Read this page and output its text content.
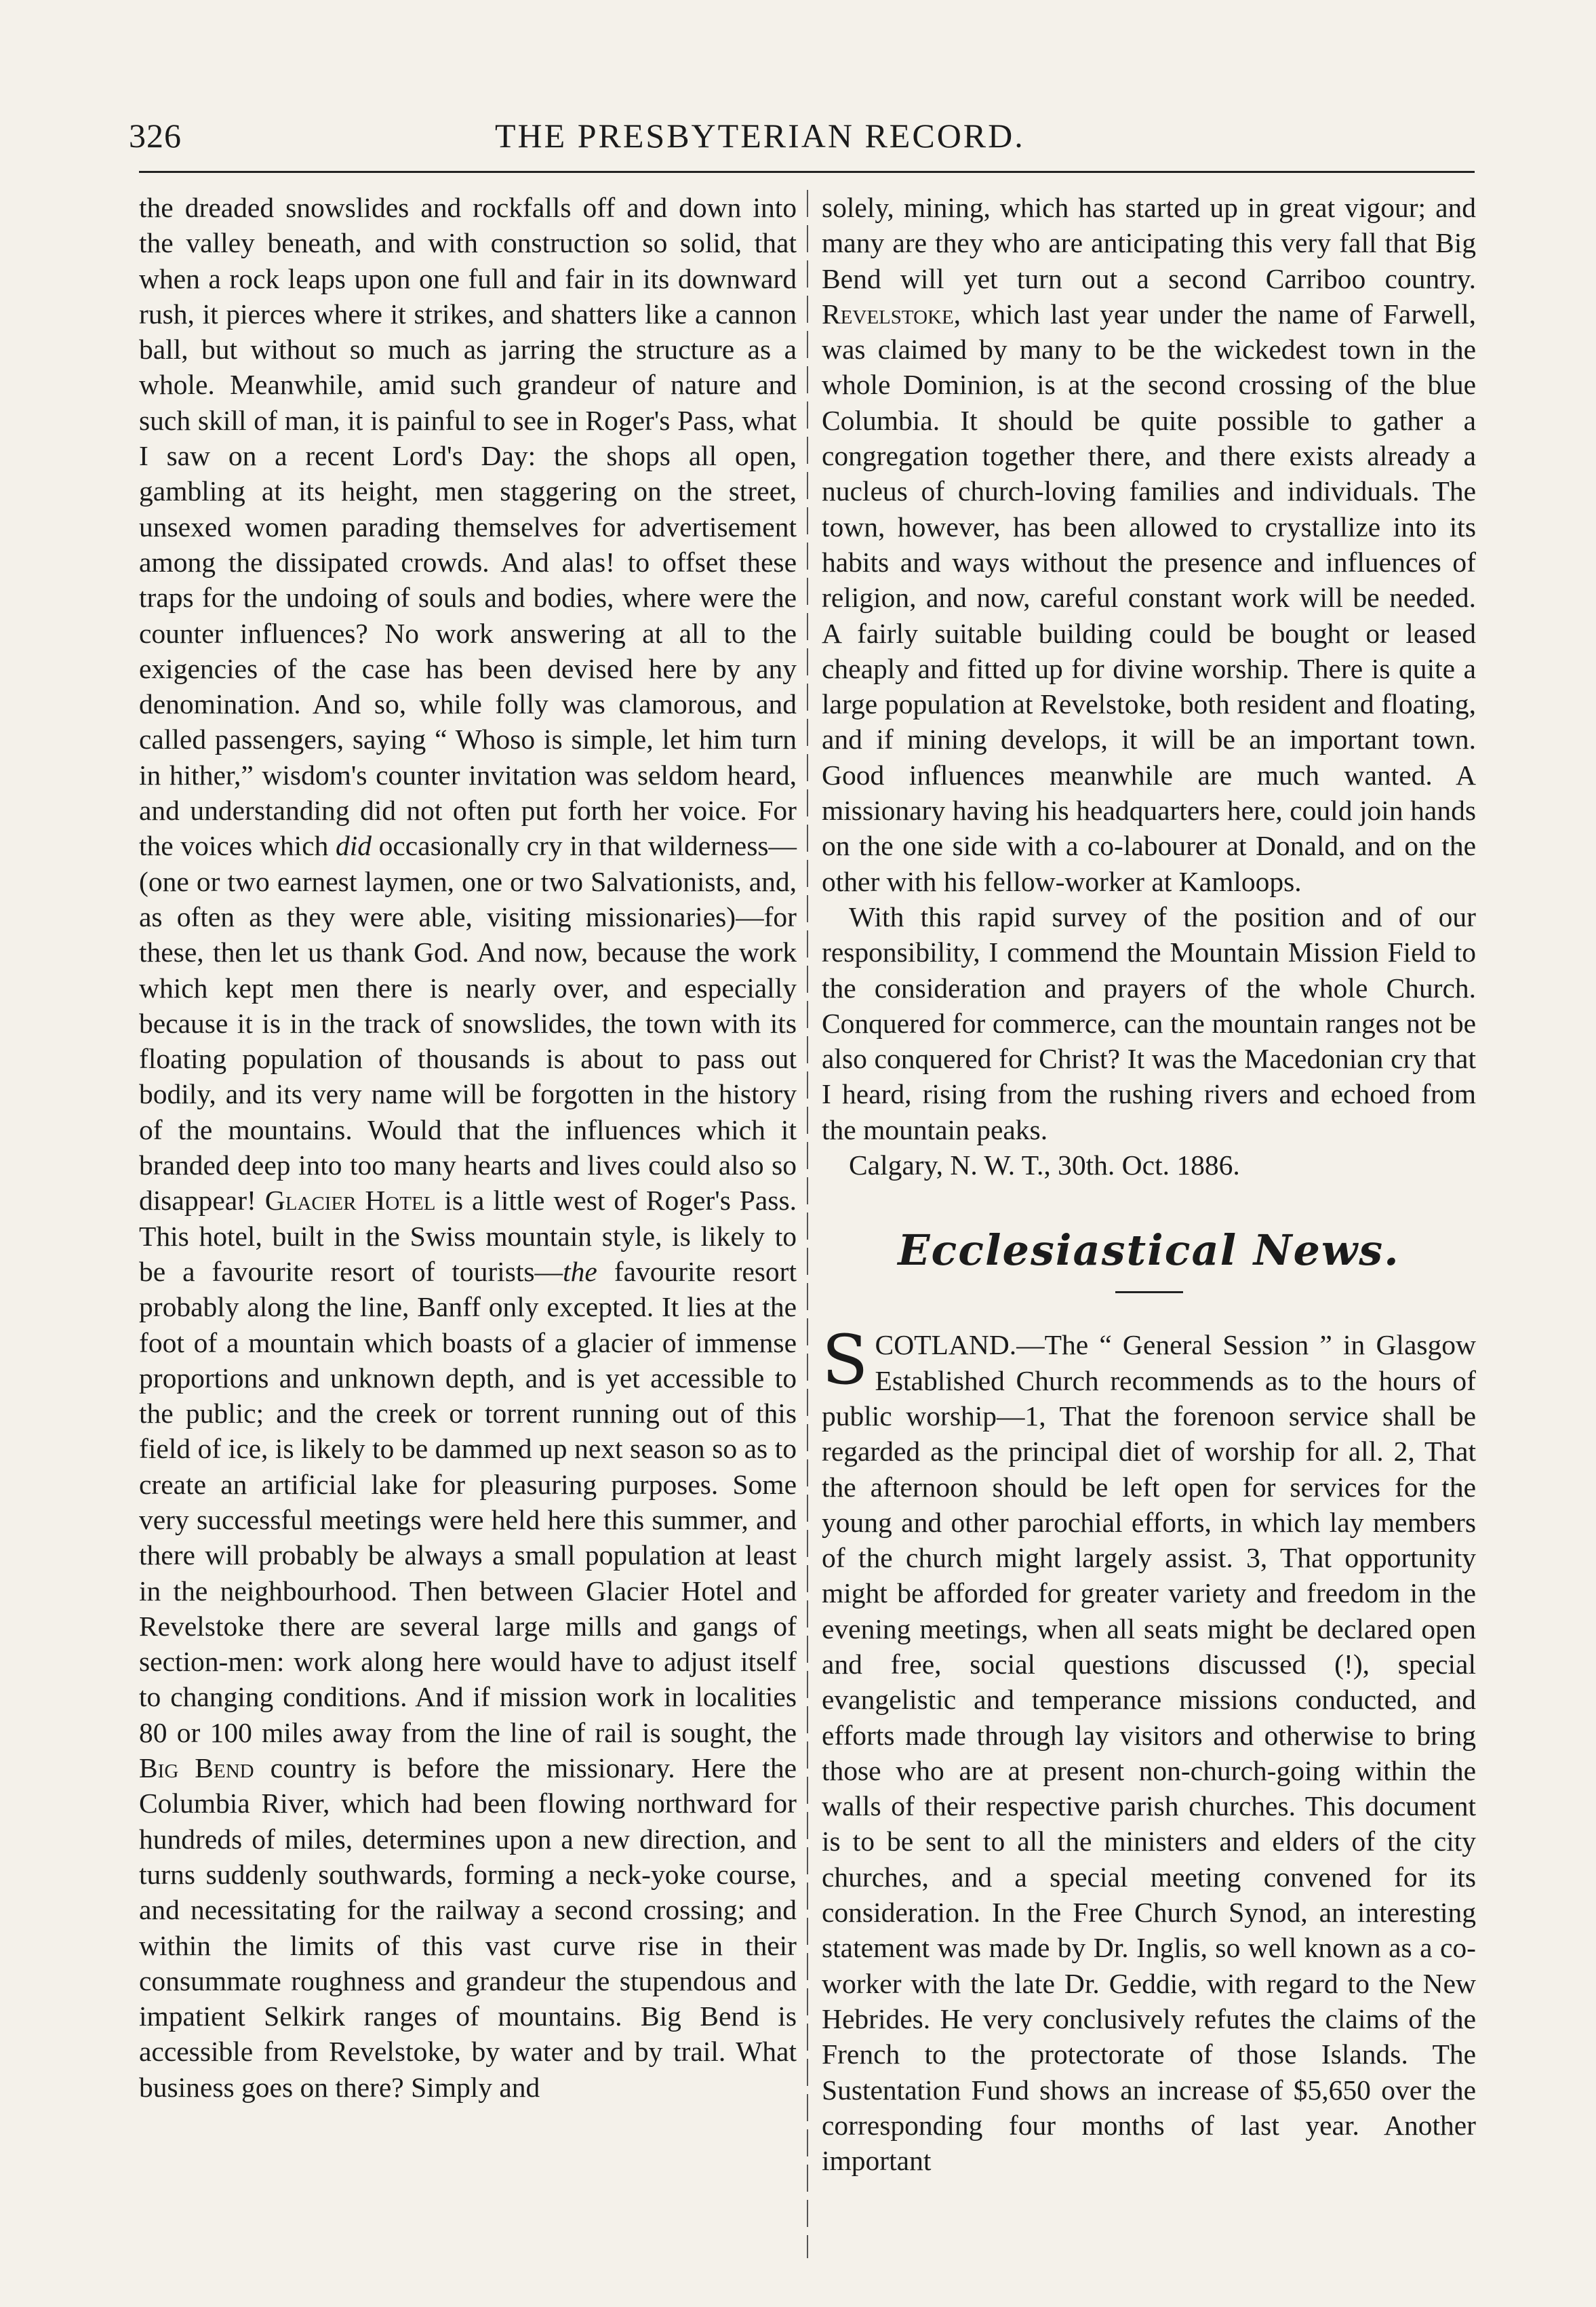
326	THE PRESBYTERIAN RECORD.

the dreaded snowslides and rockfalls off and down into the valley beneath, and with construction so solid, that when a rock leaps upon one full and fair in its downward rush, it pierces where it strikes, and shatters like a cannon ball, but without so much as jarring the structure as a whole. Meanwhile, amid such grandeur of nature and such skill of man, it is painful to see in Roger's Pass, what I saw on a recent Lord's Day: the shops all open, gambling at its height, men staggering on the street, unsexed women parading themselves for advertisement among the dissipated crowds. And alas! to offset these traps for the undoing of souls and bodies, where were the counter influences? No work answering at all to the exigencies of the case has been devised here by any denomination. And so, while folly was clamorous, and called passengers, saying “ Whoso is simple, let him turn in hither,” wisdom's counter invitation was seldom heard, and understanding did not often put forth her voice. For the voices which did occasionally cry in that wilderness—(one or two earnest laymen, one or two Salvationists, and, as often as they were able, visiting missionaries)—for these, then let us thank God. And now, because the work which kept men there is nearly over, and especially because it is in the track of snowslides, the town with its floating population of thousands is about to pass out bodily, and its very name will be forgotten in the history of the mountains. Would that the influences which it branded deep into too many hearts and lives could also so disappear! Glacier Hotel is a little west of Roger's Pass. This hotel, built in the Swiss mountain style, is likely to be a favourite resort of tourists—the favourite resort probably along the line, Banff only excepted. It lies at the foot of a mountain which boasts of a glacier of immense proportions and unknown depth, and is yet accessible to the public; and the creek or torrent running out of this field of ice, is likely to be dammed up next season so as to create an artificial lake for pleasuring purposes. Some very successful meetings were held here this summer, and there will probably be always a small population at least in the neighbourhood. Then between Glacier Hotel and Revelstoke there are several large mills and gangs of section-men: work along here would have to adjust itself to changing conditions. And if mission work in localities 80 or 100 miles away from the line of rail is sought, the Big Bend country is before the missionary. Here the Columbia River, which had been flowing northward for hundreds of miles, determines upon a new direction, and turns suddenly southwards, forming a neck-yoke course, and necessitating for the railway a second crossing; and within the limits of this vast curve rise in their consummate roughness and grandeur the stupendous and impatient Selkirk ranges of mountains. Big Bend is accessible from Revelstoke, by water and by trail. What business goes on there? Simply and

solely, mining, which has started up in great vigour; and many are they who are anticipating this very fall that Big Bend will yet turn out a second Carriboo country. Revelstoke, which last year under the name of Farwell, was claimed by many to be the wickedest town in the whole Dominion, is at the second crossing of the blue Columbia. It should be quite possible to gather a congregation together there, and there exists already a nucleus of church-loving families and individuals. The town, however, has been allowed to crystallize into its habits and ways without the presence and influences of religion, and now, careful constant work will be needed. A fairly suitable building could be bought or leased cheaply and fitted up for divine worship. There is quite a large population at Revelstoke, both resident and floating, and if mining develops, it will be an important town. Good influences meanwhile are much wanted. A missionary having his headquarters here, could join hands on the one side with a co-labourer at Donald, and on the other with his fellow-worker at Kamloops.

With this rapid survey of the position and of our responsibility, I commend the Mountain Mission Field to the consideration and prayers of the whole Church. Conquered for commerce, can the mountain ranges not be also conquered for Christ? It was the Macedonian cry that I heard, rising from the rushing rivers and echoed from the mountain peaks.

Calgary, N. W. T., 30th. Oct. 1886.

Ecclesiastical News.

SCOTLAND.—The “ General Session ” in Glasgow Established Church recommends as to the hours of public worship—1, That the forenoon service shall be regarded as the principal diet of worship for all. 2, That the afternoon should be left open for services for the young and other parochial efforts, in which lay members of the church might largely assist. 3, That opportunity might be afforded for greater variety and freedom in the evening meetings, when all seats might be declared open and free, social questions discussed (!), special evangelistic and temperance missions conducted, and efforts made through lay visitors and otherwise to bring those who are at present non-church-going within the walls of their respective parish churches. This document is to be sent to all the ministers and elders of the city churches, and a special meeting convened for its consideration. In the Free Church Synod, an interesting statement was made by Dr. Inglis, so well known as a co-worker with the late Dr. Geddie, with regard to the New Hebrides. He very conclusively refutes the claims of the French to the protectorate of those Islands. The Sustentation Fund shows an increase of $5,650 over the corresponding four months of last year. Another important
